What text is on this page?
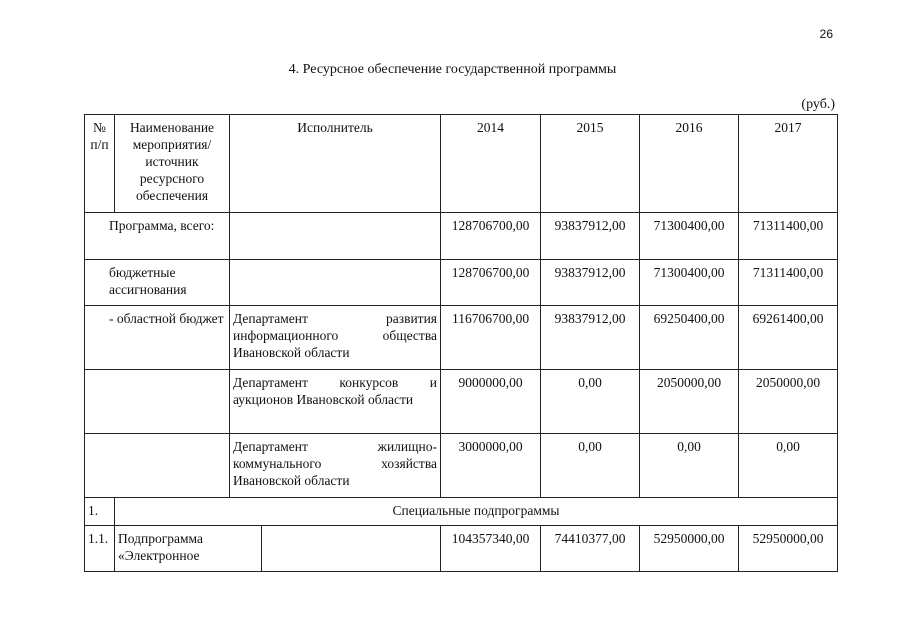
26
4. Ресурсное обеспечение государственной программы
(руб.)
№ п/п	Наименование мероприятия/ источник ресурсного обеспечения	Исполнитель		2014	2015	2016	2017
Программа, всего:				128706700,00	93837912,00	71300400,00	71311400,00
бюджетные ассигнования				128706700,00	93837912,00	71300400,00	71311400,00
- областной бюджет		Департамент развития информационного общества Ивановской области		116706700,00	93837912,00	69250400,00	69261400,00
		Департамент конкурсов и аукционов Ивановской области		9000000,00	0,00	2050000,00	2050000,00
		Департамент жилищно-коммунального хозяйства Ивановской области		3000000,00	0,00	0,00	0,00
1.	Специальные подпрограммы						
1.1.	Подпрограмма «Электронное			104357340,00	74410377,00	52950000,00	52950000,00
